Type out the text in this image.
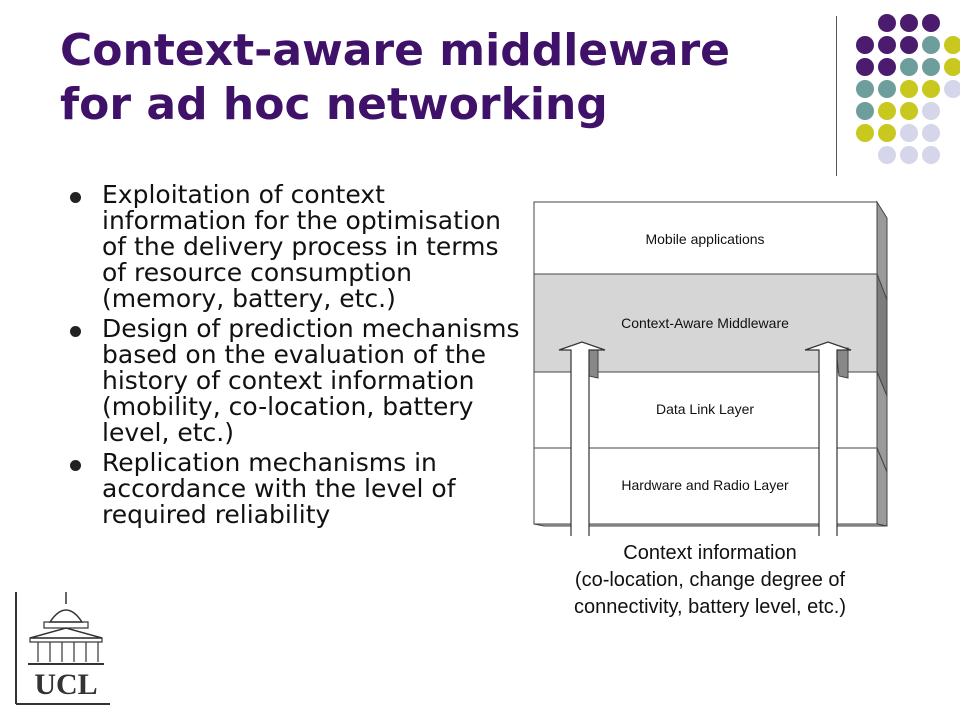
Context-aware middleware
for ad hoc networking
Exploitation of context information for the optimisation of the delivery process in terms of resource consumption (memory, battery, etc.)
Design of prediction mechanisms based on the evaluation of the history of context information (mobility, co-location, battery level, etc.)
Replication mechanisms in accordance with the level of required reliability
Mobile applications
Context-Aware Middleware
Data Link Layer
Hardware and Radio Layer
Context information
(co-location, change degree of
connectivity, battery level, etc.)
UCL
